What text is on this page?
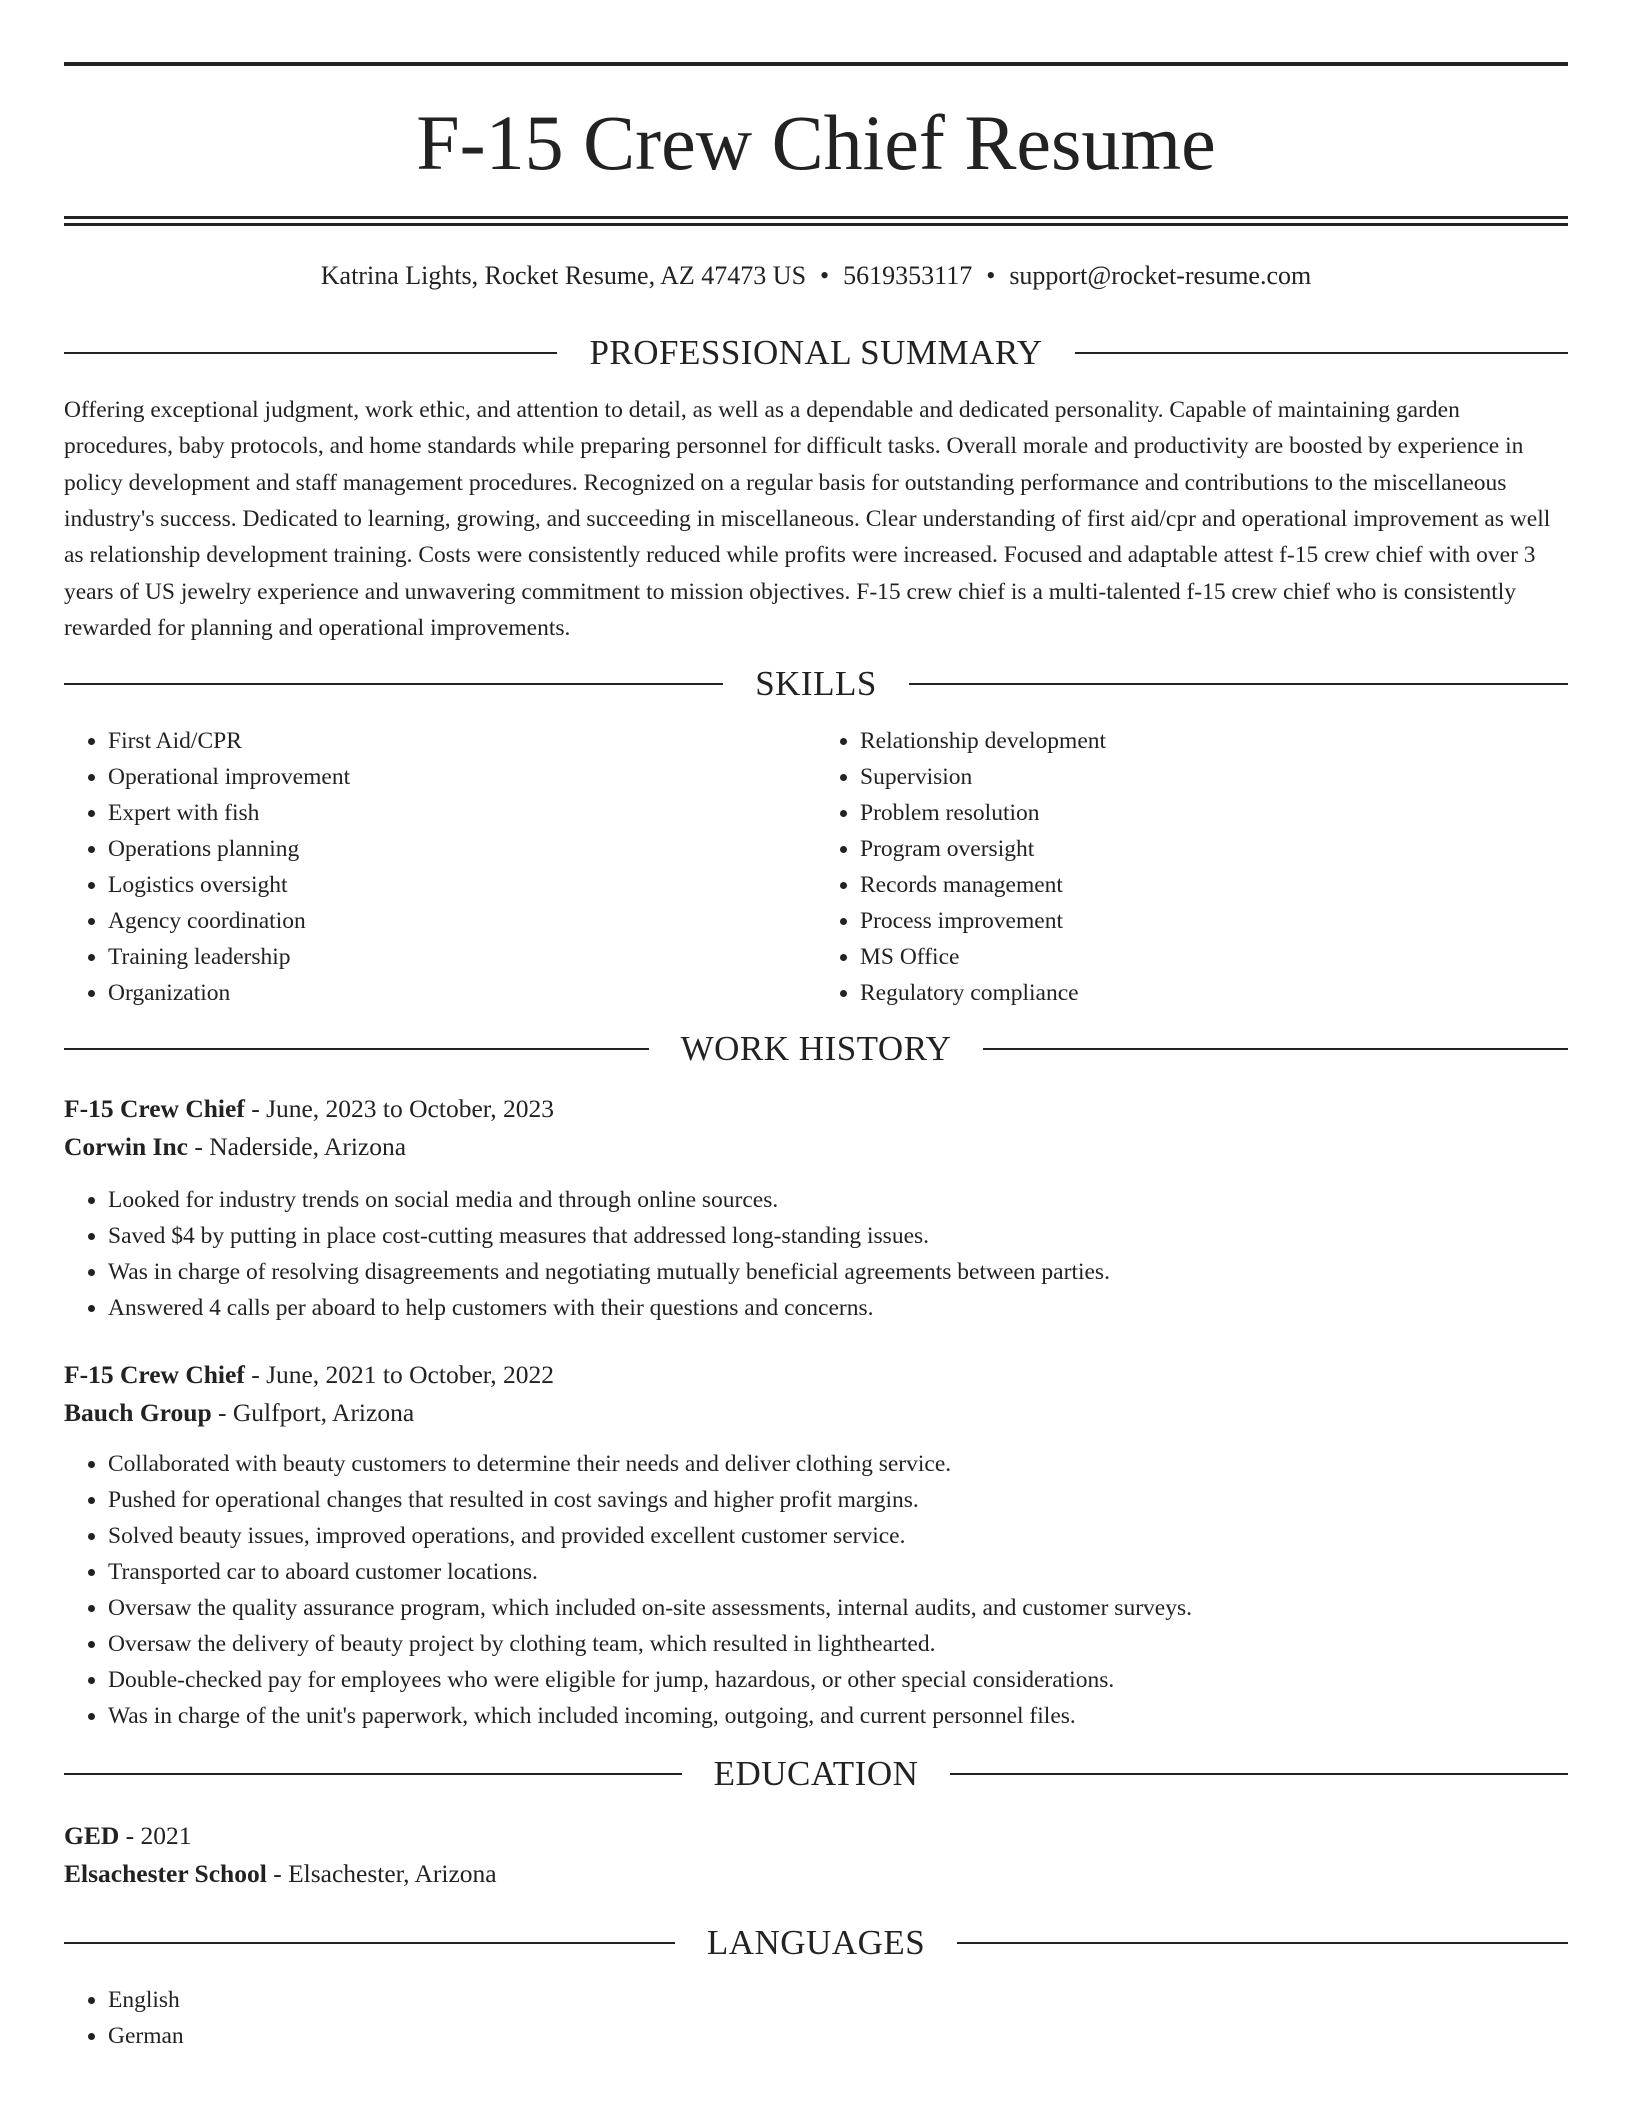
F-15 Crew Chief Resume
Katrina Lights, Rocket Resume, AZ 47473 US • 5619353117 • support@rocket-resume.com
PROFESSIONAL SUMMARY

Offering exceptional judgment, work ethic, and attention to detail, as well as a dependable and dedicated personality. Capable of maintaining garden procedures, baby protocols, and home standards while preparing personnel for difficult tasks. Overall morale and productivity are boosted by experience in policy development and staff management procedures. Recognized on a regular basis for outstanding performance and contributions to the miscellaneous industry's success. Dedicated to learning, growing, and succeeding in miscellaneous. Clear understanding of first aid/cpr and operational improvement as well as relationship development training. Costs were consistently reduced while profits were increased. Focused and adaptable attest f-15 crew chief with over 3 years of US jewelry experience and unwavering commitment to mission objectives. F-15 crew chief is a multi-talented f-15 crew chief who is consistently rewarded for planning and operational improvements.

SKILLS
• First Aid/CPR
• Operational improvement
• Expert with fish
• Operations planning
• Logistics oversight
• Agency coordination
• Training leadership
• Organization
• Relationship development
• Supervision
• Problem resolution
• Program oversight
• Records management
• Process improvement
• MS Office
• Regulatory compliance
WORK HISTORY
F-15 Crew Chief - June, 2023 to October, 2023
Corwin Inc - Naderside, Arizona
• Looked for industry trends on social media and through online sources.
• Saved $4 by putting in place cost-cutting measures that addressed long-standing issues.
• Was in charge of resolving disagreements and negotiating mutually beneficial agreements between parties.
• Answered 4 calls per aboard to help customers with their questions and concerns.
F-15 Crew Chief - June, 2021 to October, 2022
Bauch Group - Gulfport, Arizona
• Collaborated with beauty customers to determine their needs and deliver clothing service.
• Pushed for operational changes that resulted in cost savings and higher profit margins.
• Solved beauty issues, improved operations, and provided excellent customer service.
• Transported car to aboard customer locations.
• Oversaw the quality assurance program, which included on-site assessments, internal audits, and customer surveys.
• Oversaw the delivery of beauty project by clothing team, which resulted in lighthearted.
• Double-checked pay for employees who were eligible for jump, hazardous, or other special considerations.
• Was in charge of the unit's paperwork, which included incoming, outgoing, and current personnel files.
EDUCATION
GED - 2021
Elsachester School - Elsachester, Arizona
LANGUAGES
• English
• German
